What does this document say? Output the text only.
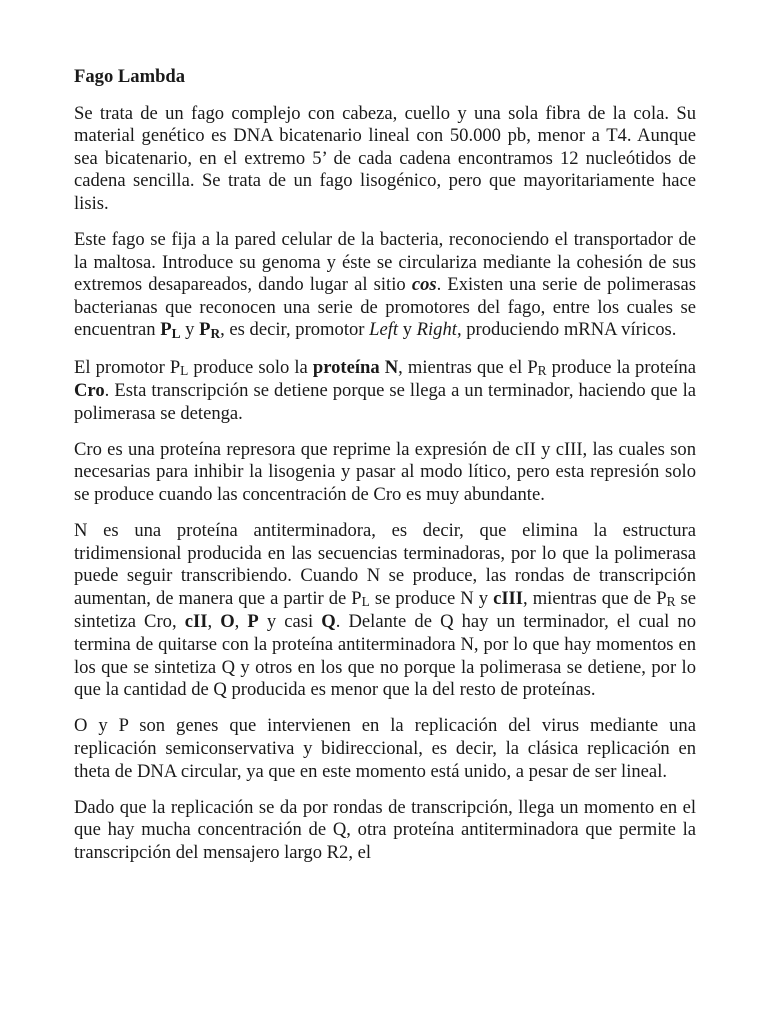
Fago Lambda

Se trata de un fago complejo con cabeza, cuello y una sola fibra de la cola. Su material genético es DNA bicatenario lineal con 50.000 pb, menor a T4. Aunque sea bicatenario, en el extremo 5’ de cada cadena encontramos 12 nucleótidos de cadena sencilla. Se trata de un fago lisogénico, pero que mayoritariamente hace lisis.

Este fago se fija a la pared celular de la bacteria, reconociendo el transportador de la maltosa. Introduce su genoma y éste se circulariza mediante la cohesión de sus extremos desapareados, dando lugar al sitio cos. Existen una serie de polimerasas bacterianas que reconocen una serie de promotores del fago, entre los cuales se encuentran PL y PR, es decir, promotor Left y Right, produciendo mRNA víricos.

El promotor PL produce solo la proteína N, mientras que el PR produce la proteína Cro. Esta transcripción se detiene porque se llega a un terminador, haciendo que la polimerasa se detenga.

Cro es una proteína represora que reprime la expresión de cII y cIII, las cuales son necesarias para inhibir la lisogenia y pasar al modo lítico, pero esta represión solo se produce cuando las concentración de Cro es muy abundante.

N es una proteína antiterminadora, es decir, que elimina la estructura tridimensional producida en las secuencias terminadoras, por lo que la polimerasa puede seguir transcribiendo. Cuando N se produce, las rondas de transcripción aumentan, de manera que a partir de PL se produce N y cIII, mientras que de PR se sintetiza Cro, cII, O, P y casi Q. Delante de Q hay un terminador, el cual no termina de quitarse con la proteína antiterminadora N, por lo que hay momentos en los que se sintetiza Q y otros en los que no porque la polimerasa se detiene, por lo que la cantidad de Q producida es menor que la del resto de proteínas.

O y P son genes que intervienen en la replicación del virus mediante una replicación semiconservativa y bidireccional, es decir, la clásica replicación en theta de DNA circular, ya que en este momento está unido, a pesar de ser lineal.

Dado que la replicación se da por rondas de transcripción, llega un momento en el que hay mucha concentración de Q, otra proteína antiterminadora que permite la transcripción del mensajero largo R2, el
